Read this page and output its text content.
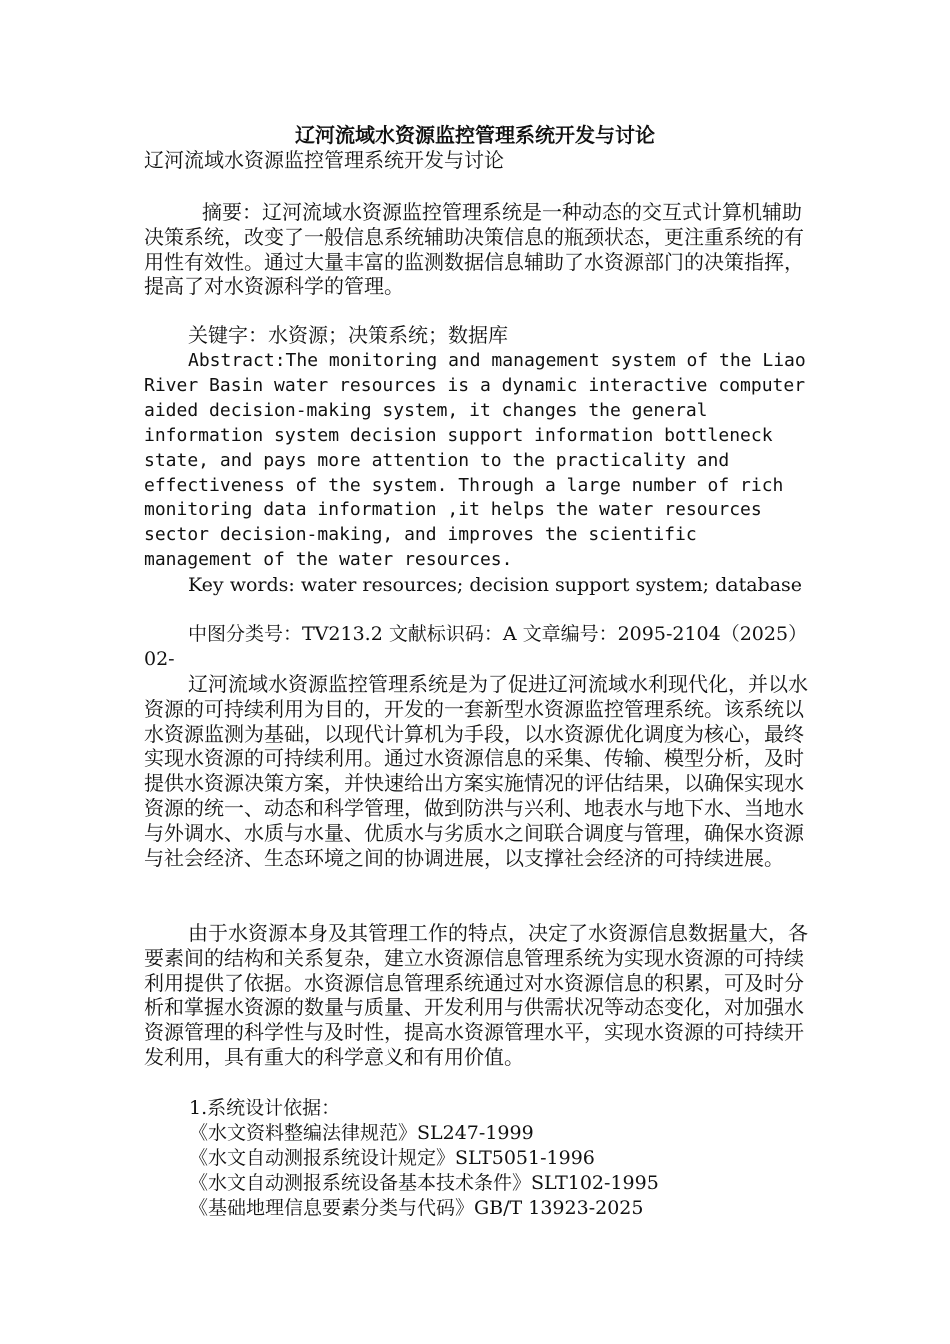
辽河流域水资源监控管理系统开发与讨论

辽河流域水资源监控管理系统开发与讨论

摘要：辽河流域水资源监控管理系统是一种动态的交互式计算机辅助决策系统，改变了一般信息系统辅助决策信息的瓶颈状态，更注重系统的有用性有效性。通过大量丰富的监测数据信息辅助了水资源部门的决策指挥，提高了对水资源科学的管理。

关键字：水资源；决策系统；数据库

Abstract:The monitoring and management system of the Liao River Basin water resources is a dynamic interactive computer aided decision-making system, it changes the general information system decision support information bottleneck state, and pays more attention to the practicality and effectiveness of the system. Through a large number of rich monitoring data information ,it helps the water resources sector decision-making, and improves the scientific management of the water resources.

Key words: water resources; decision support system; database

中图分类号：TV213.2 文献标识码：A 文章编号：2095-2104（2025）02-

辽河流域水资源监控管理系统是为了促进辽河流域水利现代化，并以水资源的可持续利用为目的，开发的一套新型水资源监控管理系统。该系统以水资源监测为基础，以现代计算机为手段，以水资源优化调度为核心，最终实现水资源的可持续利用。通过水资源信息的采集、传输、模型分析，及时提供水资源决策方案，并快速给出方案实施情况的评估结果，以确保实现水资源的统一、动态和科学管理，做到防洪与兴利、地表水与地下水、当地水与外调水、水质与水量、优质水与劣质水之间联合调度与管理，确保水资源与社会经济、生态环境之间的协调进展，以支撑社会经济的可持续进展。

由于水资源本身及其管理工作的特点，决定了水资源信息数据量大，各要素间的结构和关系复杂，建立水资源信息管理系统为实现水资源的可持续利用提供了依据。水资源信息管理系统通过对水资源信息的积累，可及时分析和掌握水资源的数量与质量、开发利用与供需状况等动态变化，对加强水资源管理的科学性与及时性，提高水资源管理水平，实现水资源的可持续开发利用，具有重大的科学意义和有用价值。

1.系统设计依据：
《水文资料整编法律规范》SL247-1999
《水文自动测报系统设计规定》SLT5051-1996
《水文自动测报系统设备基本技术条件》SLT102-1995
《基础地理信息要素分类与代码》GB/T 13923-2025
